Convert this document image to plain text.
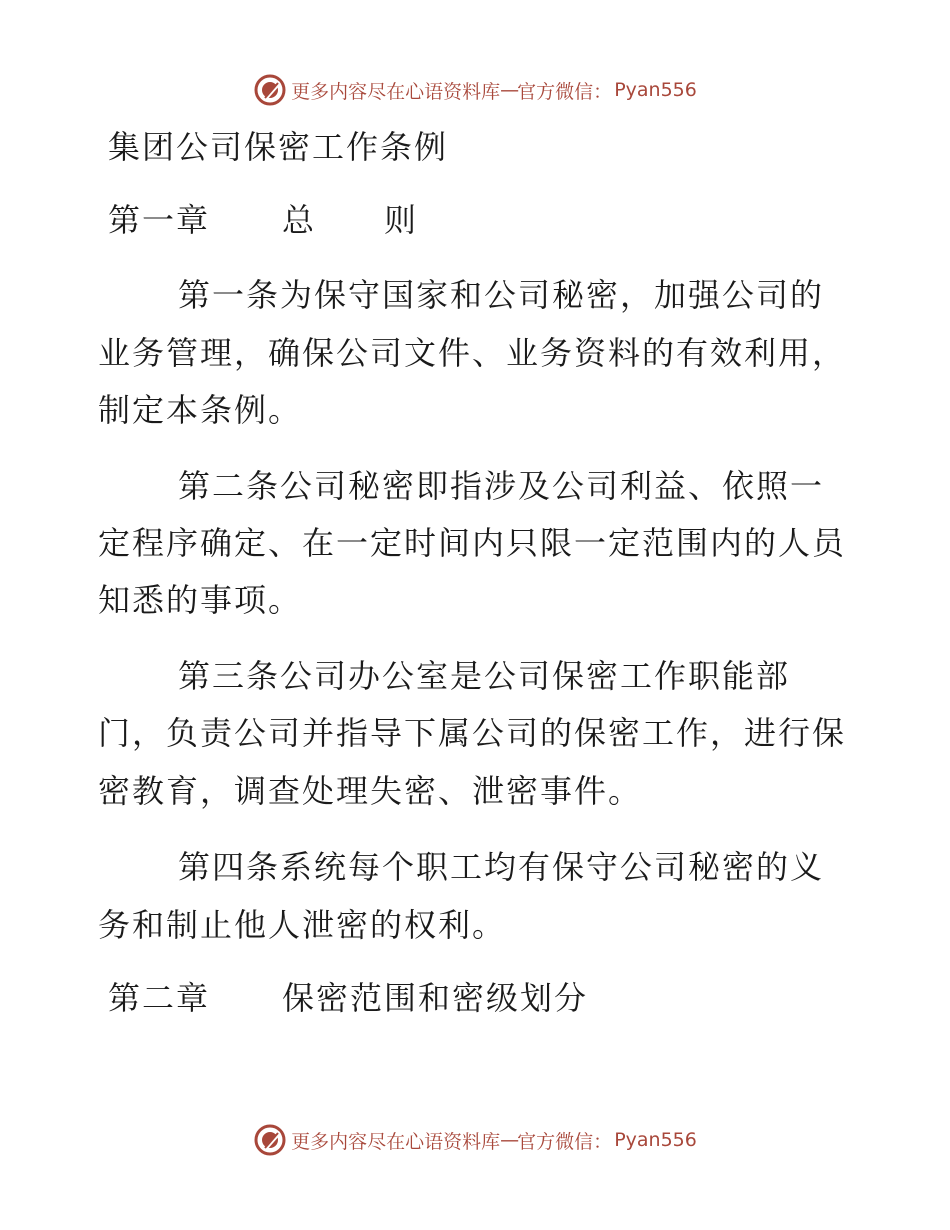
更多内容尽在心语资料库 — 官方微信： Pyan556
集团公司保密工作条例
第一章 总则
第一条为保守国家和公司秘密，加强公司的
业务管理，确保公司文件、业务资料的有效利用，
制定本条例。
第二条公司秘密即指涉及公司利益、依照一
定程序确定、在一定时间内只限一定范围内的人员
知悉的事项。
第三条公司办公室是公司保密工作职能部
门，负责公司并指导下属公司的保密工作，进行保
密教育，调查处理失密、泄密事件。
第四条系统每个职工均有保守公司秘密的义
务和制止他人泄密的权利。
第二章 保密范围和密级划分
更多内容尽在心语资料库 — 官方微信： Pyan556
